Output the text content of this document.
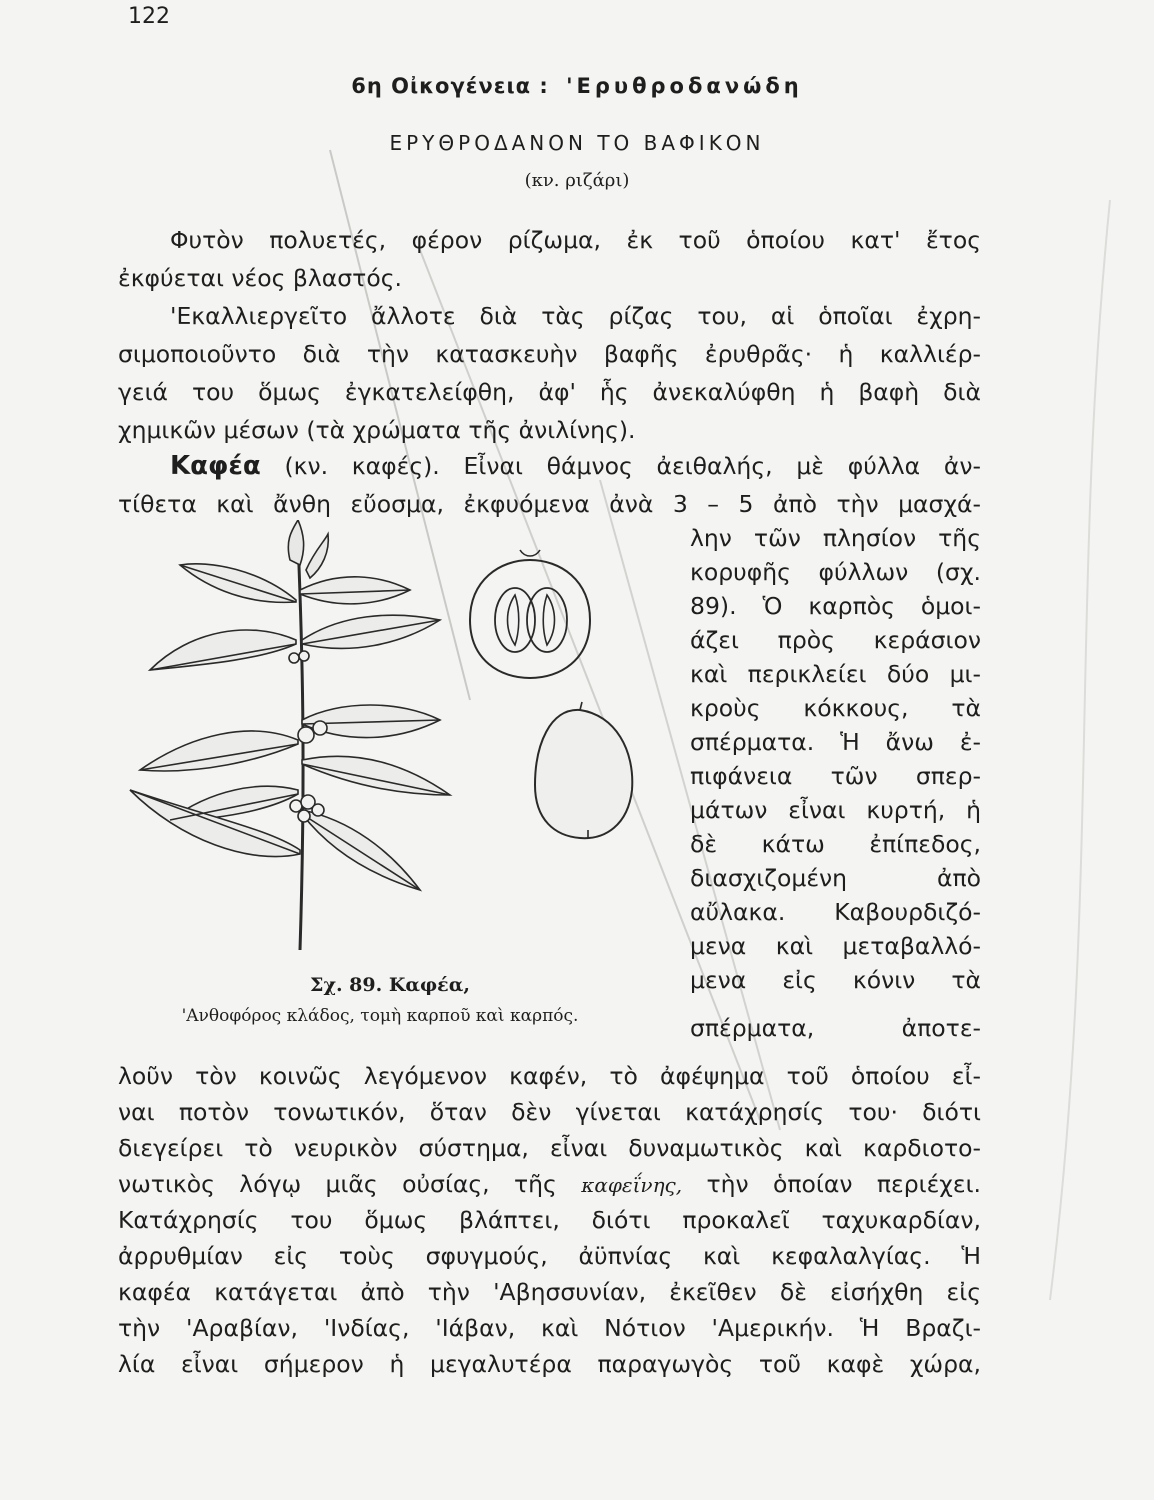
122
6η Οἰκογένεια : 'Ερυθροδανώδη
ΕΡΥΘΡΟΔΑΝΟΝ ΤΟ ΒΑΦΙΚΟΝ
(κν. ριζάρι)
Φυτὸν πολυετές, φέρον ρίζωμα, ἐκ τοῦ ὁποίου κατ' ἔτος
ἐκφύεται νέος βλαστός.
'Εκαλλιεργεῖτο ἄλλοτε διὰ τὰς ρίζας του, αἱ ὁποῖαι ἐχρη-
σιμοποιοῦντο διὰ τὴν κατασκευὴν βαφῆς ἐρυθρᾶς· ἡ καλλιέρ-
γειά του ὅμως ἐγκατελείφθη, ἀφ' ἧς ἀνεκαλύφθη ἡ βαφὴ διὰ
χημικῶν μέσων (τὰ χρώματα τῆς ἀνιλίνης).
Καφέα (κν. καφές). Εἶναι θάμνος ἀειθαλής, μὲ φύλλα ἀν-
τίθετα καὶ ἄνθη εὔοσμα, ἐκφυόμενα ἀνὰ 3 – 5 ἀπὸ τὴν μασχά-
λην τῶν πλησίον τῆς
κορυφῆς φύλλων (σχ.
89). Ὁ καρπὸς ὁμοι-
άζει πρὸς κεράσιον
καὶ περικλείει δύο μι-
κροὺς κόκκους, τὰ
σπέρματα. Ἡ ἄνω ἐ-
πιφάνεια τῶν σπερ-
μάτων εἶναι κυρτή, ἡ
δὲ κάτω ἐπίπεδος,
διασχιζομένη ἀπὸ
αὔλακα. Καβουρδιζό-
μενα καὶ μεταβαλλό-
μενα εἰς κόνιν τὰ
σπέρματα, ἀποτε-
Σχ. 89. Καφέα,
'Ανθοφόρος κλάδος, τομὴ καρποῦ καὶ καρπός.
λοῦν τὸν κοινῶς λεγόμενον καφέν, τὸ ἀφέψημα τοῦ ὁποίου εἶ-
ναι ποτὸν τονωτικόν, ὅταν δὲν γίνεται κατάχρησίς του· διότι
διεγείρει τὸ νευρικὸν σύστημα, εἶναι δυναμωτικὸς καὶ καρδιοτο-
νωτικὸς λόγῳ μιᾶς οὐσίας, τῆς καφεΐνης, τὴν ὁποίαν περιέχει.
Κατάχρησίς του ὅμως βλάπτει, διότι προκαλεῖ ταχυκαρδίαν,
ἀρρυθμίαν εἰς τοὺς σφυγμούς, ἀϋπνίας καὶ κεφαλαλγίας. Ἡ
καφέα κατάγεται ἀπὸ τὴν 'Αβησσυνίαν, ἐκεῖθεν δὲ εἰσήχθη εἰς
τὴν 'Αραβίαν, 'Ινδίας, 'Ιάβαν, καὶ Νότιον 'Αμερικήν. Ἡ Βραζι-
λία εἶναι σήμερον ἡ μεγαλυτέρα παραγωγὸς τοῦ καφὲ χώρα,
